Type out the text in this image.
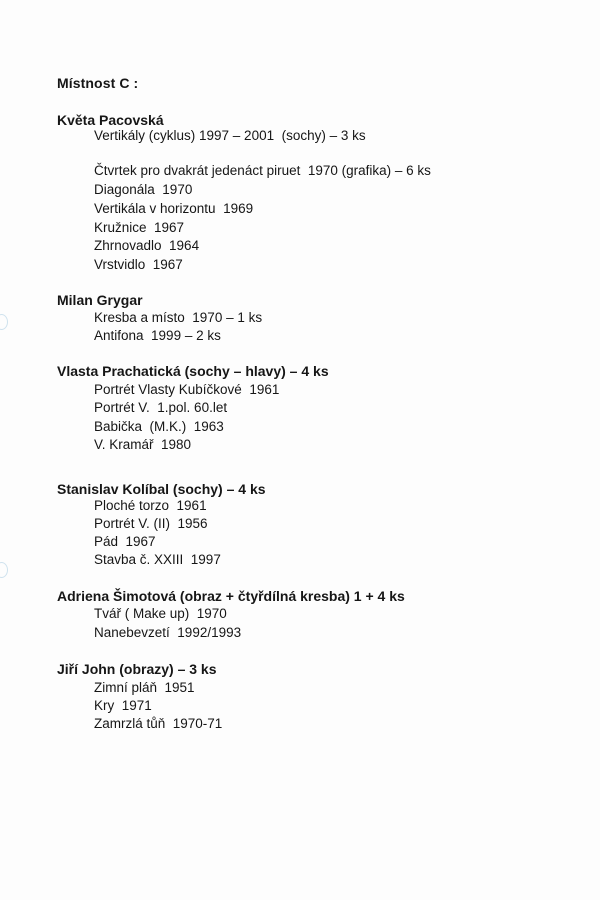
Místnost C :
Květa Pacovská

Vertikály (cyklus) 1997 – 2001  (sochy) – 3 ks

Čtvrtek pro dvakrát jedenáct piruet  1970 (grafika) – 6 ks

Diagonála  1970

Vertikála v horizontu  1969

Kružnice  1967

Zhrnovadlo  1964

Vrstvidlo  1967

Milan Grygar

Kresba a místo  1970 – 1 ks

Antifona  1999 – 2 ks

Vlasta Prachatická (sochy – hlavy) – 4 ks

Portrét Vlasty Kubíčkové  1961

Portrét V.  1.pol. 60.let

Babička  (M.K.)  1963

V. Kramář  1980

Stanislav Kolíbal (sochy) – 4 ks

Ploché torzo  1961

Portrét V. (II)  1956

Pád  1967

Stavba č. XXIII  1997

Adriena Šimotová (obraz + čtyřdílná kresba) 1 + 4 ks

Tvář ( Make up)  1970

Nanebevzetí  1992/1993

Jiří John (obrazy) – 3 ks

Zimní pláň  1951

Kry  1971

Zamrzlá tůň  1970-71
